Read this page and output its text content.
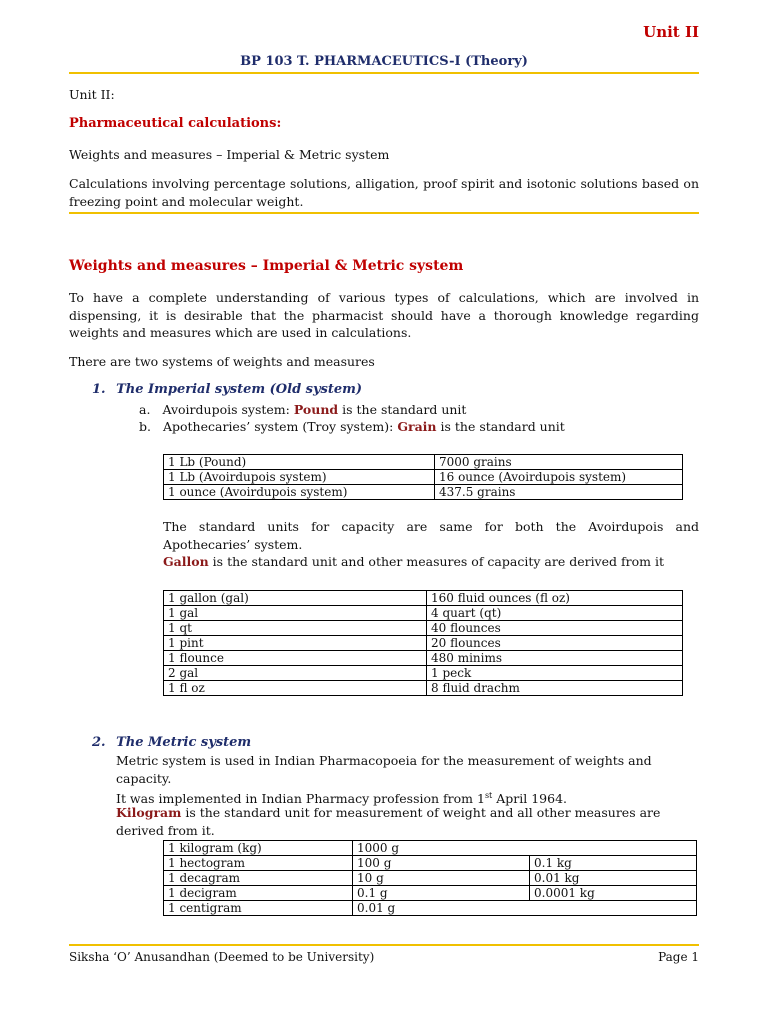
Unit II
BP 103 T. PHARMACEUTICS-I (Theory)
Unit II:
Pharmaceutical calculations:
Weights and measures – Imperial & Metric system
Calculations involving percentage solutions, alligation, proof spirit and isotonic solutions based on freezing point and molecular weight.
Weights and measures – Imperial & Metric system
To have a complete understanding of various types of calculations, which are involved in dispensing, it is desirable that the pharmacist should have a thorough knowledge regarding weights and measures which are used in calculations.
There are two systems of weights and measures
1. The Imperial system (Old system)
a. Avoirdupois system: Pound is the standard unit
b. Apothecaries’ system (Troy system): Grain is the standard unit
1 Lb (Pound)	7000 grains
1 Lb (Avoirdupois system)	16 ounce (Avoirdupois system)
1 ounce (Avoirdupois system)	437.5 grains
The standard units for capacity are same for both the Avoirdupois and Apothecaries’ system.
Gallon is the standard unit and other measures of capacity are derived from it
1 gallon (gal)	160 fluid ounces (fl oz)
1 gal	4 quart (qt)
1 qt	40 flounces
1 pint	20 flounces
1 flounce	480 minims
2 gal	1 peck
1 fl oz	8 fluid drachm
2. The Metric system
Metric system is used in Indian Pharmacopoeia for the measurement of weights and capacity.
It was implemented in Indian Pharmacy profession from 1st April 1964.
Kilogram is the standard unit for measurement of weight and all other measures are derived from it.
1 kilogram (kg)	1000 g	
1 hectogram	100 g	0.1 kg
1 decagram	10 g	0.01 kg
1 decigram	0.1 g	0.0001 kg
1 centigram	0.01 g	
Siksha ‘O’ Anusandhan (Deemed to be University)	Page 1
